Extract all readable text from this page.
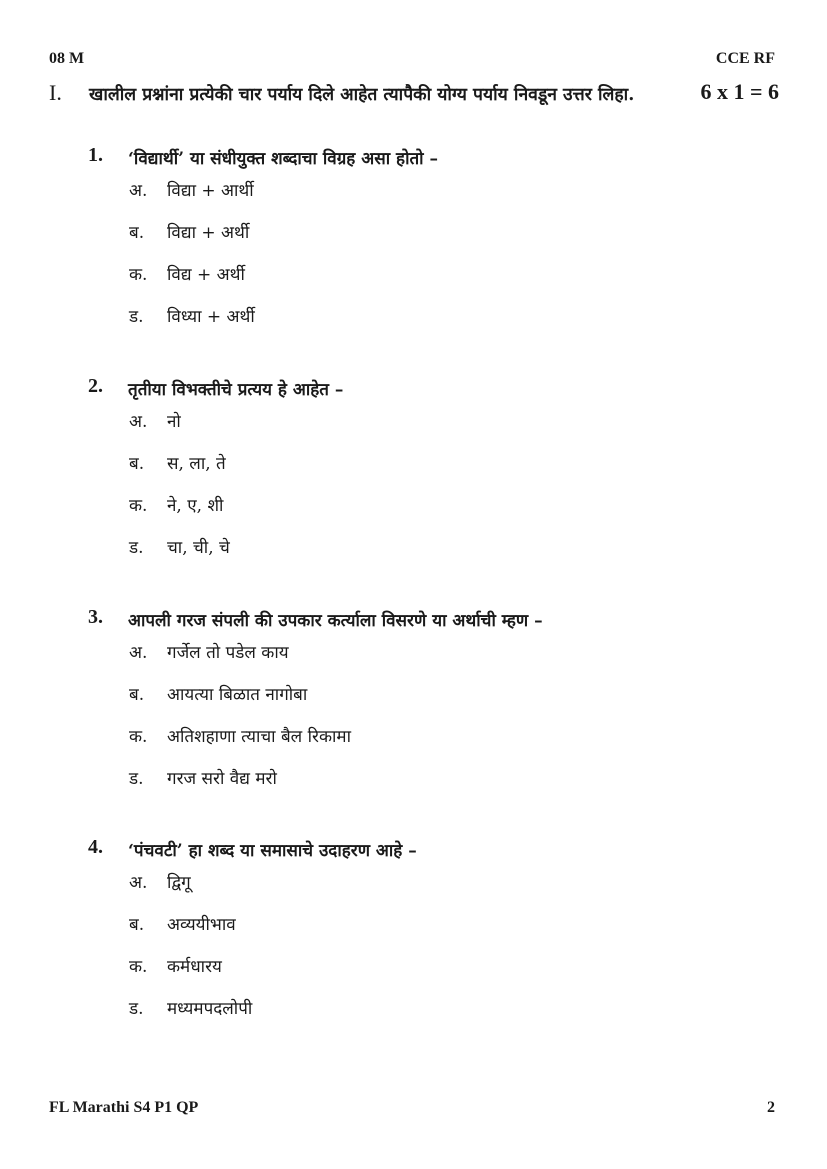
08 M	CCE RF
I. खालील प्रश्नांना प्रत्येकी चार पर्याय दिले आहेत त्यापैकी योग्य पर्याय निवडून उत्तर लिहा.	6 x 1 = 6
1. ‘विद्यार्थी’ या संधीयुक्त शब्दाचा विग्रह असा होतो –
अ.	विद्या + आर्थी
ब.	विद्या + अर्थी
क.	विद्य + अर्थी
ड.	विध्या + अर्थी
2. तृतीया विभक्तीचे प्रत्यय हे आहेत –
अ.	नो
ब.	स, ला, ते
क.	ने, ए, शी
ड.	चा, ची, चे
3. आपली गरज संपली की उपकार कर्त्याला विसरणे या अर्थाची म्हण –
अ.	गर्जेल तो पडेल काय
ब.	आयत्या बिळात नागोबा
क.	अतिशहाणा त्याचा बैल रिकामा
ड.	गरज सरो वैद्य मरो
4. ‘पंचवटी’ हा शब्द या समासाचे उदाहरण आहे –
अ.	द्विगू
ब.	अव्ययीभाव
क.	कर्मधारय
ड.	मध्यमपदलोपी
FL Marathi S4 P1 QP	2
